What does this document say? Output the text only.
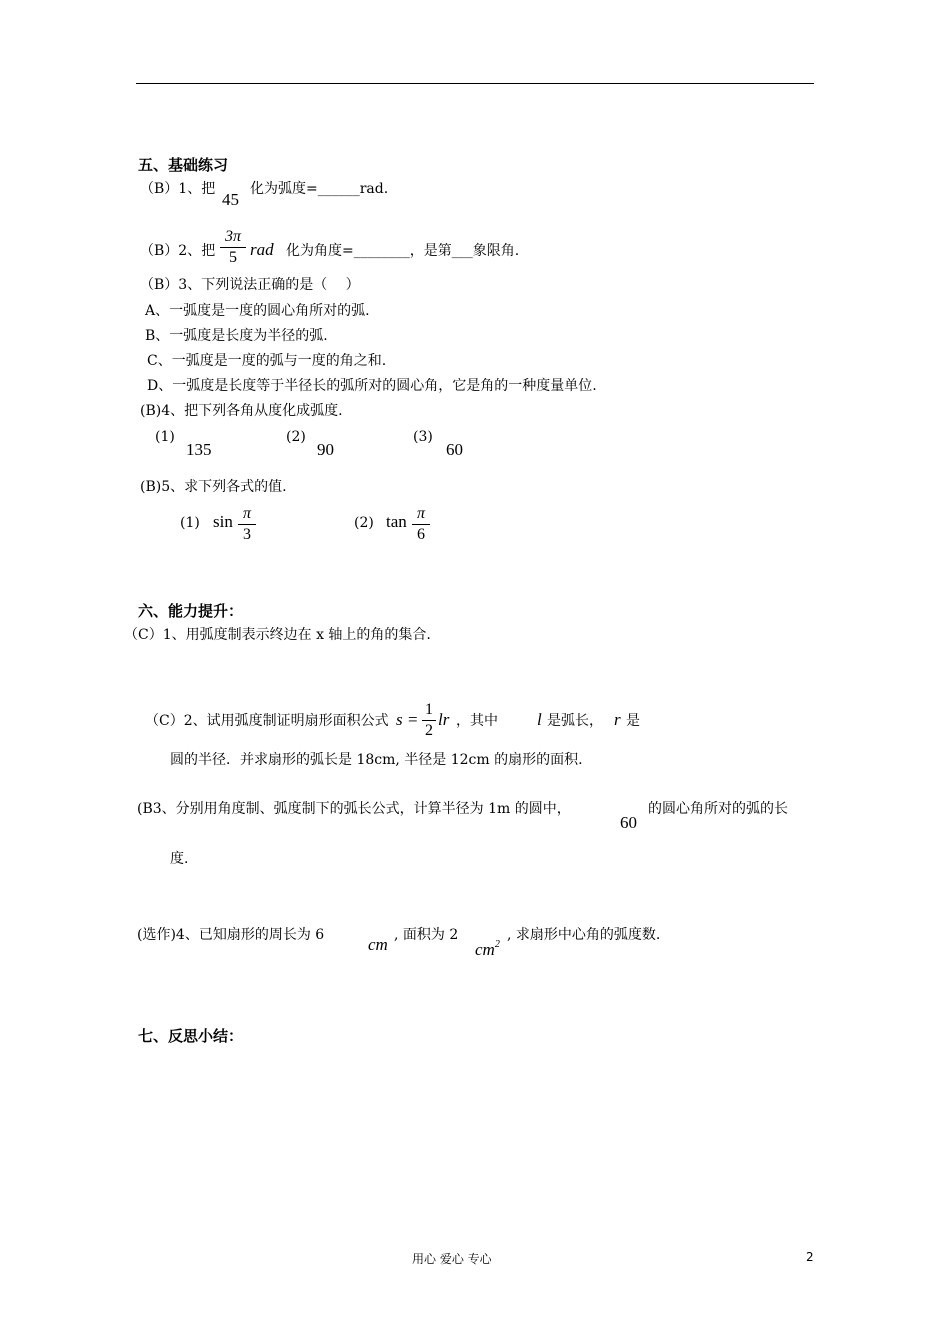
五、基础练习
（B）1、把
45
化为弧度=______rad.
（B）2、把
3π
5 rad 化为角度=________，是第___象限角.
（B）3、下列说法正确的是（　 ）
A、一弧度是一度的圆心角所对的弧.
B、一弧度是长度为半径的弧.
C、一弧度是一度的弧与一度的角之和.
D、一弧度是长度等于半径长的弧所对的圆心角，它是角的一种度量单位.
(B)4、把下列各角从度化成弧度.
(1)
135
(2)
90
(3)
60
(B)5、求下列各式的值.
(1) sin π
3
(2) tan π
6
六、能力提升：
（C）1、用弧度制表示终边在 x 轴上的角的集合.
（C）2、试用弧度制证明扇形面积公式 s =
1
2
lr ，其中 l 是弧长， r 是
圆的半径．并求扇形的弧长是 18cm, 半径是 12cm 的扇形的面积.
(B3、分别用角度制、弧度制下的弧长公式，计算半径为 1m 的圆中，
60
的圆心角所对的弧的长
度.
(选作)4、已知扇形的周长为 6	cm , 面积为 2
$cm^2$
, 求扇形中心角的弧度数.
七、反思小结：
用心 爱心 专心	2
